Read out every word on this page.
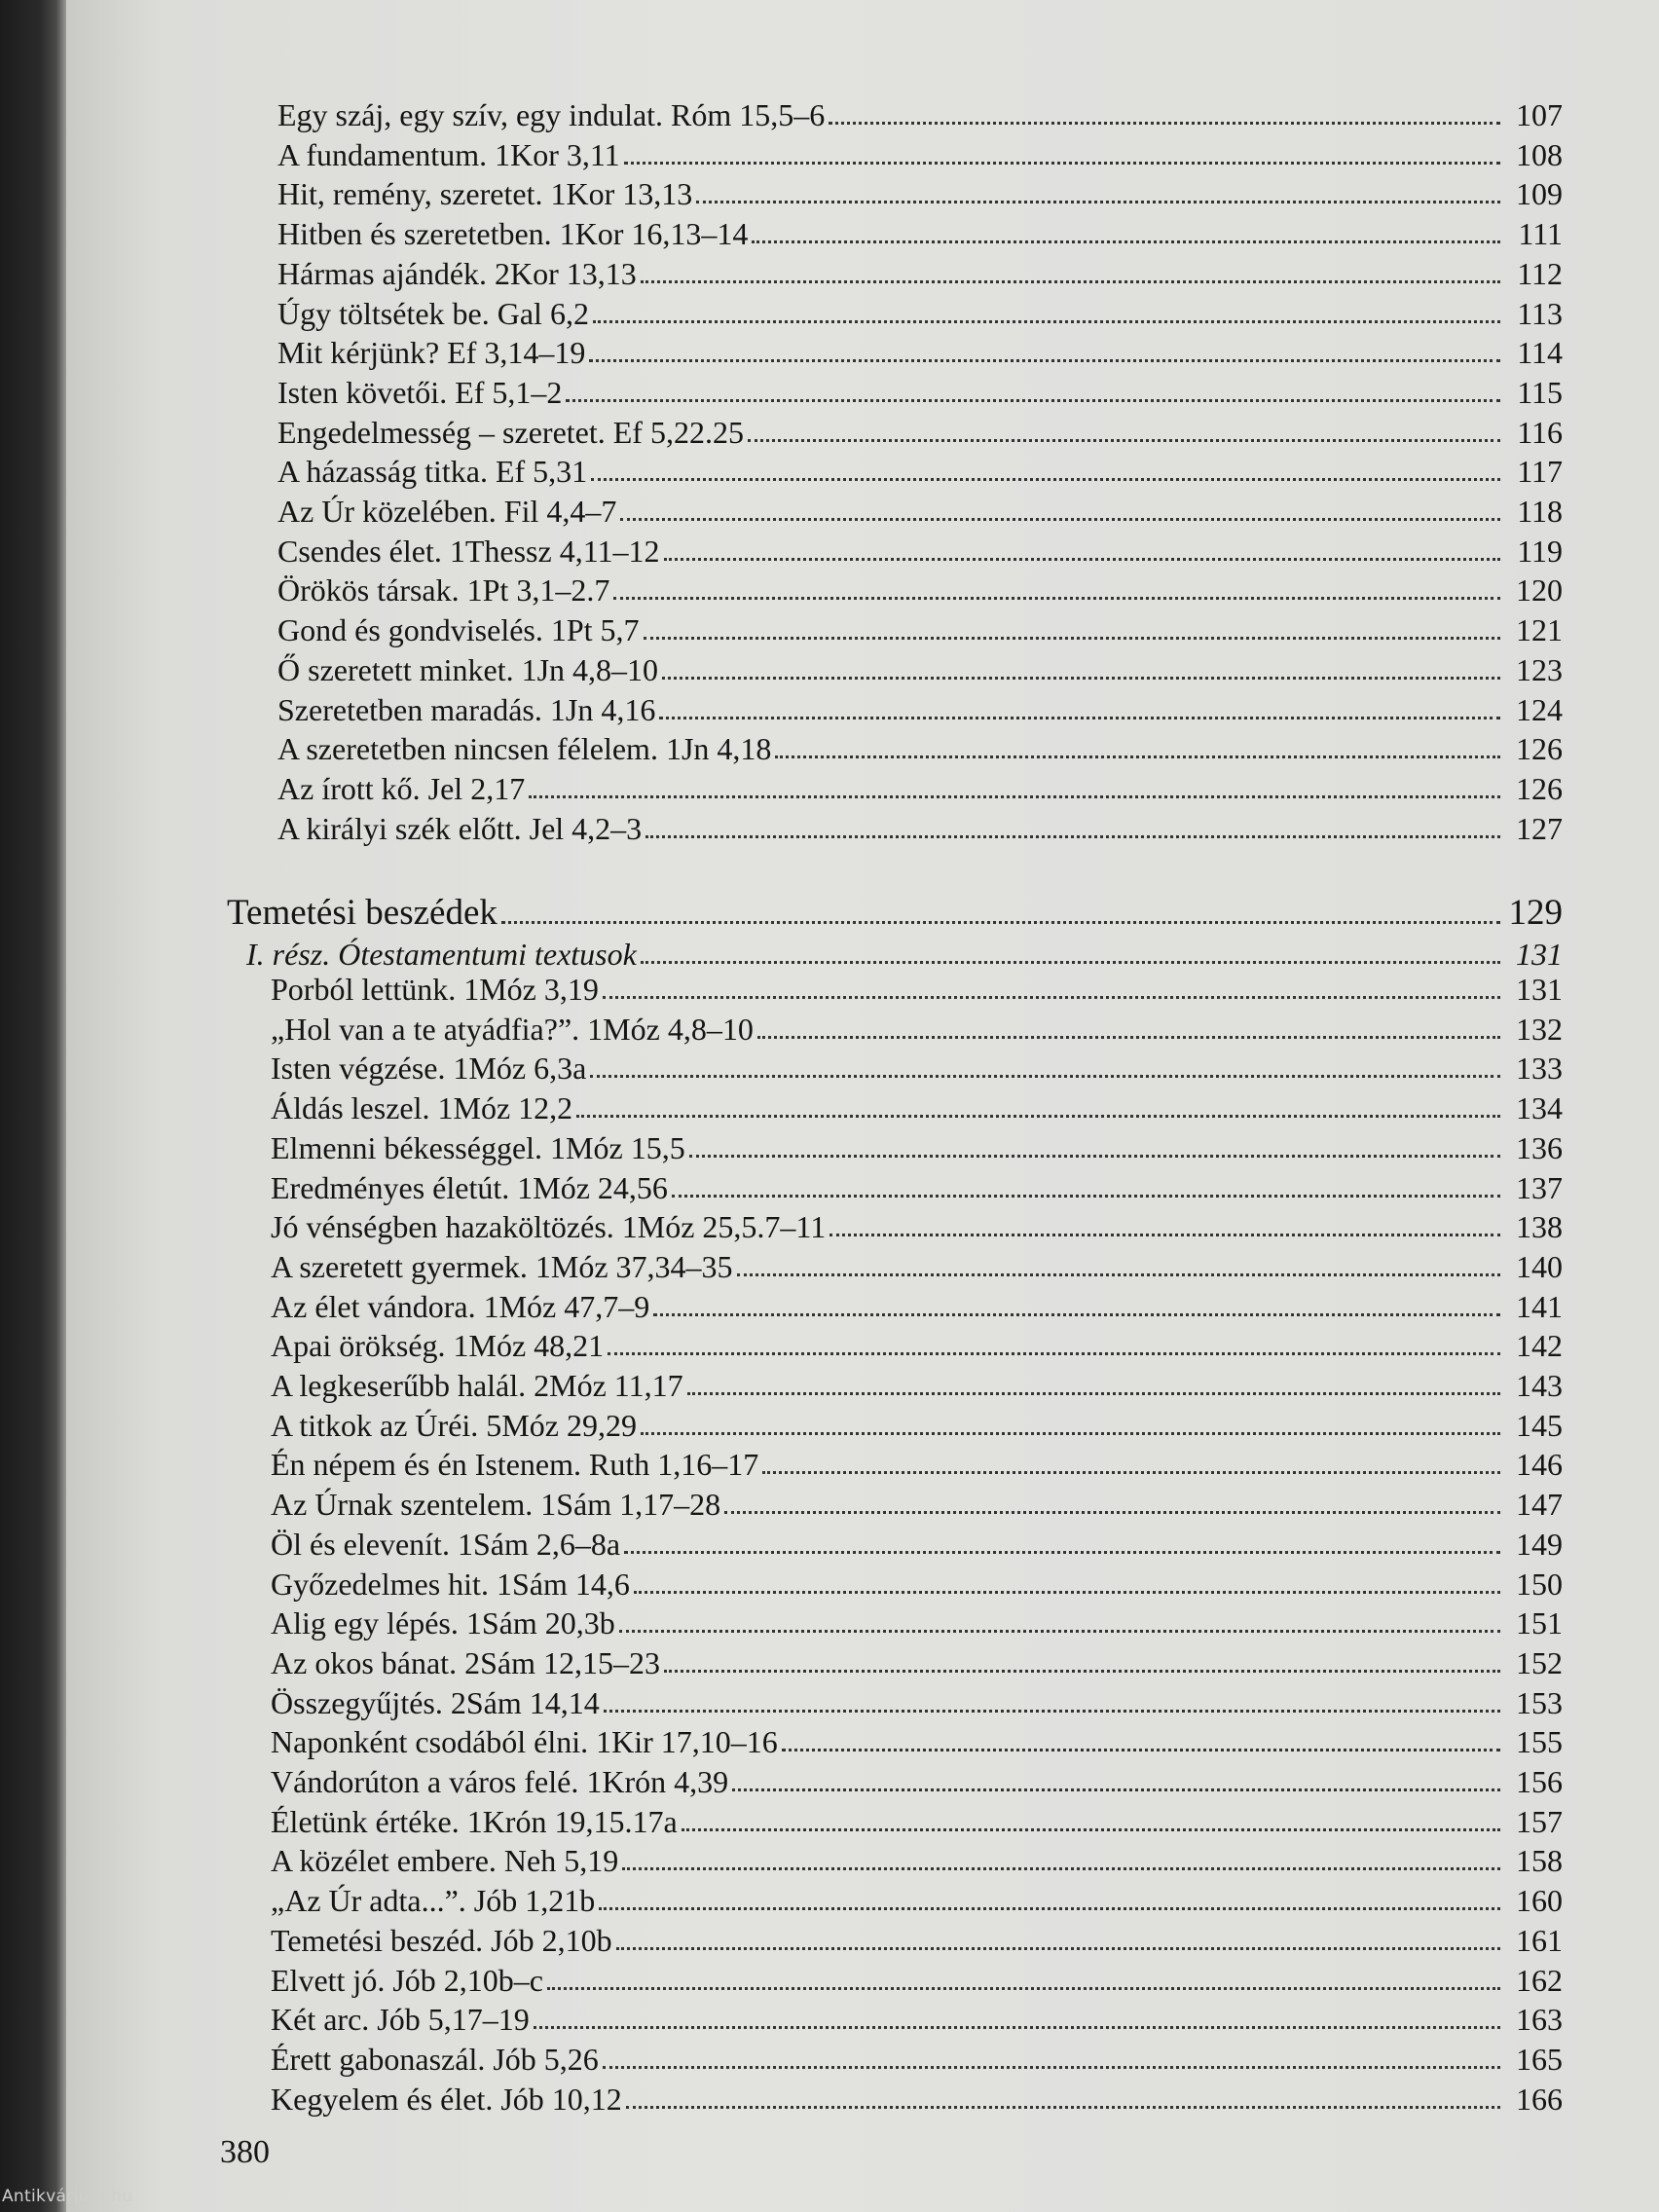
Antikvárium.hu
Egy száj, egy szív, egy indulat. Róm 15,5–6	107
A fundamentum. 1Kor 3,11	108
Hit, remény, szeretet. 1Kor 13,13	109
Hitben és szeretetben. 1Kor 16,13–14	111
Hármas ajándék. 2Kor 13,13	112
Úgy töltsétek be. Gal 6,2	113
Mit kérjünk? Ef 3,14–19	114
Isten követői. Ef 5,1–2	115
Engedelmesség – szeretet. Ef 5,22.25	116
A házasság titka. Ef 5,31	117
Az Úr közelében. Fil 4,4–7	118
Csendes élet. 1Thessz 4,11–12	119
Örökös társak. 1Pt 3,1–2.7	120
Gond és gondviselés. 1Pt 5,7	121
Ő szeretett minket. 1Jn 4,8–10	123
Szeretetben maradás. 1Jn 4,16	124
A szeretetben nincsen félelem. 1Jn 4,18	126
Az írott kő. Jel 2,17	126
A királyi szék előtt. Jel 4,2–3	127
Temetési beszédek	129
I. rész. Ótestamentumi textusok	131
Porból lettünk. 1Móz 3,19	131
„Hol van a te atyádfia?”. 1Móz 4,8–10	132
Isten végzése. 1Móz 6,3a	133
Áldás leszel. 1Móz 12,2	134
Elmenni békességgel. 1Móz 15,5	136
Eredményes életút. 1Móz 24,56	137
Jó vénségben hazaköltözés. 1Móz 25,5.7–11	138
A szeretett gyermek. 1Móz 37,34–35	140
Az élet vándora. 1Móz 47,7–9	141
Apai örökség. 1Móz 48,21	142
A legkeserűbb halál. 2Móz 11,17	143
A titkok az Úréi. 5Móz 29,29	145
Én népem és én Istenem. Ruth 1,16–17	146
Az Úrnak szentelem. 1Sám 1,17–28	147
Öl és elevenít. 1Sám 2,6–8a	149
Győzedelmes hit. 1Sám 14,6	150
Alig egy lépés. 1Sám 20,3b	151
Az okos bánat. 2Sám 12,15–23	152
Összegyűjtés. 2Sám 14,14	153
Naponként csodából élni. 1Kir 17,10–16	155
Vándorúton a város felé. 1Krón 4,39	156
Életünk értéke. 1Krón 19,15.17a	157
A közélet embere. Neh 5,19	158
„Az Úr adta...”. Jób 1,21b	160
Temetési beszéd. Jób 2,10b	161
Elvett jó. Jób 2,10b–c	162
Két arc. Jób 5,17–19	163
Érett gabonaszál. Jób 5,26	165
Kegyelem és élet. Jób 10,12	166
380
